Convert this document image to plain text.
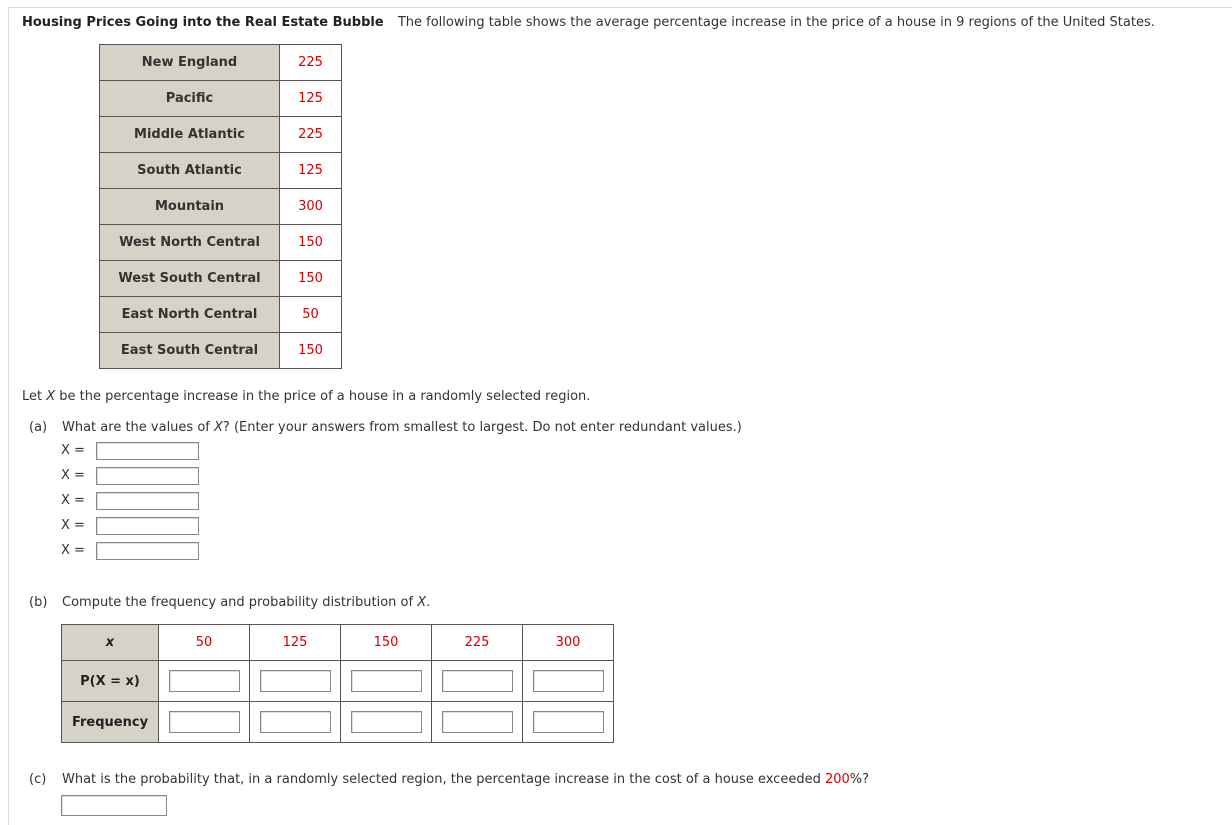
Housing Prices Going into the Real Estate Bubble The following table shows the average percentage increase in the price of a house in 9 regions of the United States.
New England	225
Pacific	125
Middle Atlantic	225
South Atlantic	125
Mountain	300
West North Central	150
West South Central	150
East North Central	50
East South Central	150
Let X be the percentage increase in the price of a house in a randomly selected region.
(a) What are the values of X? (Enter your answers from smallest to largest. Do not enter redundant values.)
X =
X =
X =
X =
X =
(b) Compute the frequency and probability distribution of X.
x	50	125	150	225	300
P(X = x)					
Frequency					
(c) What is the probability that, in a randomly selected region, the percentage increase in the cost of a house exceeded 200%?
